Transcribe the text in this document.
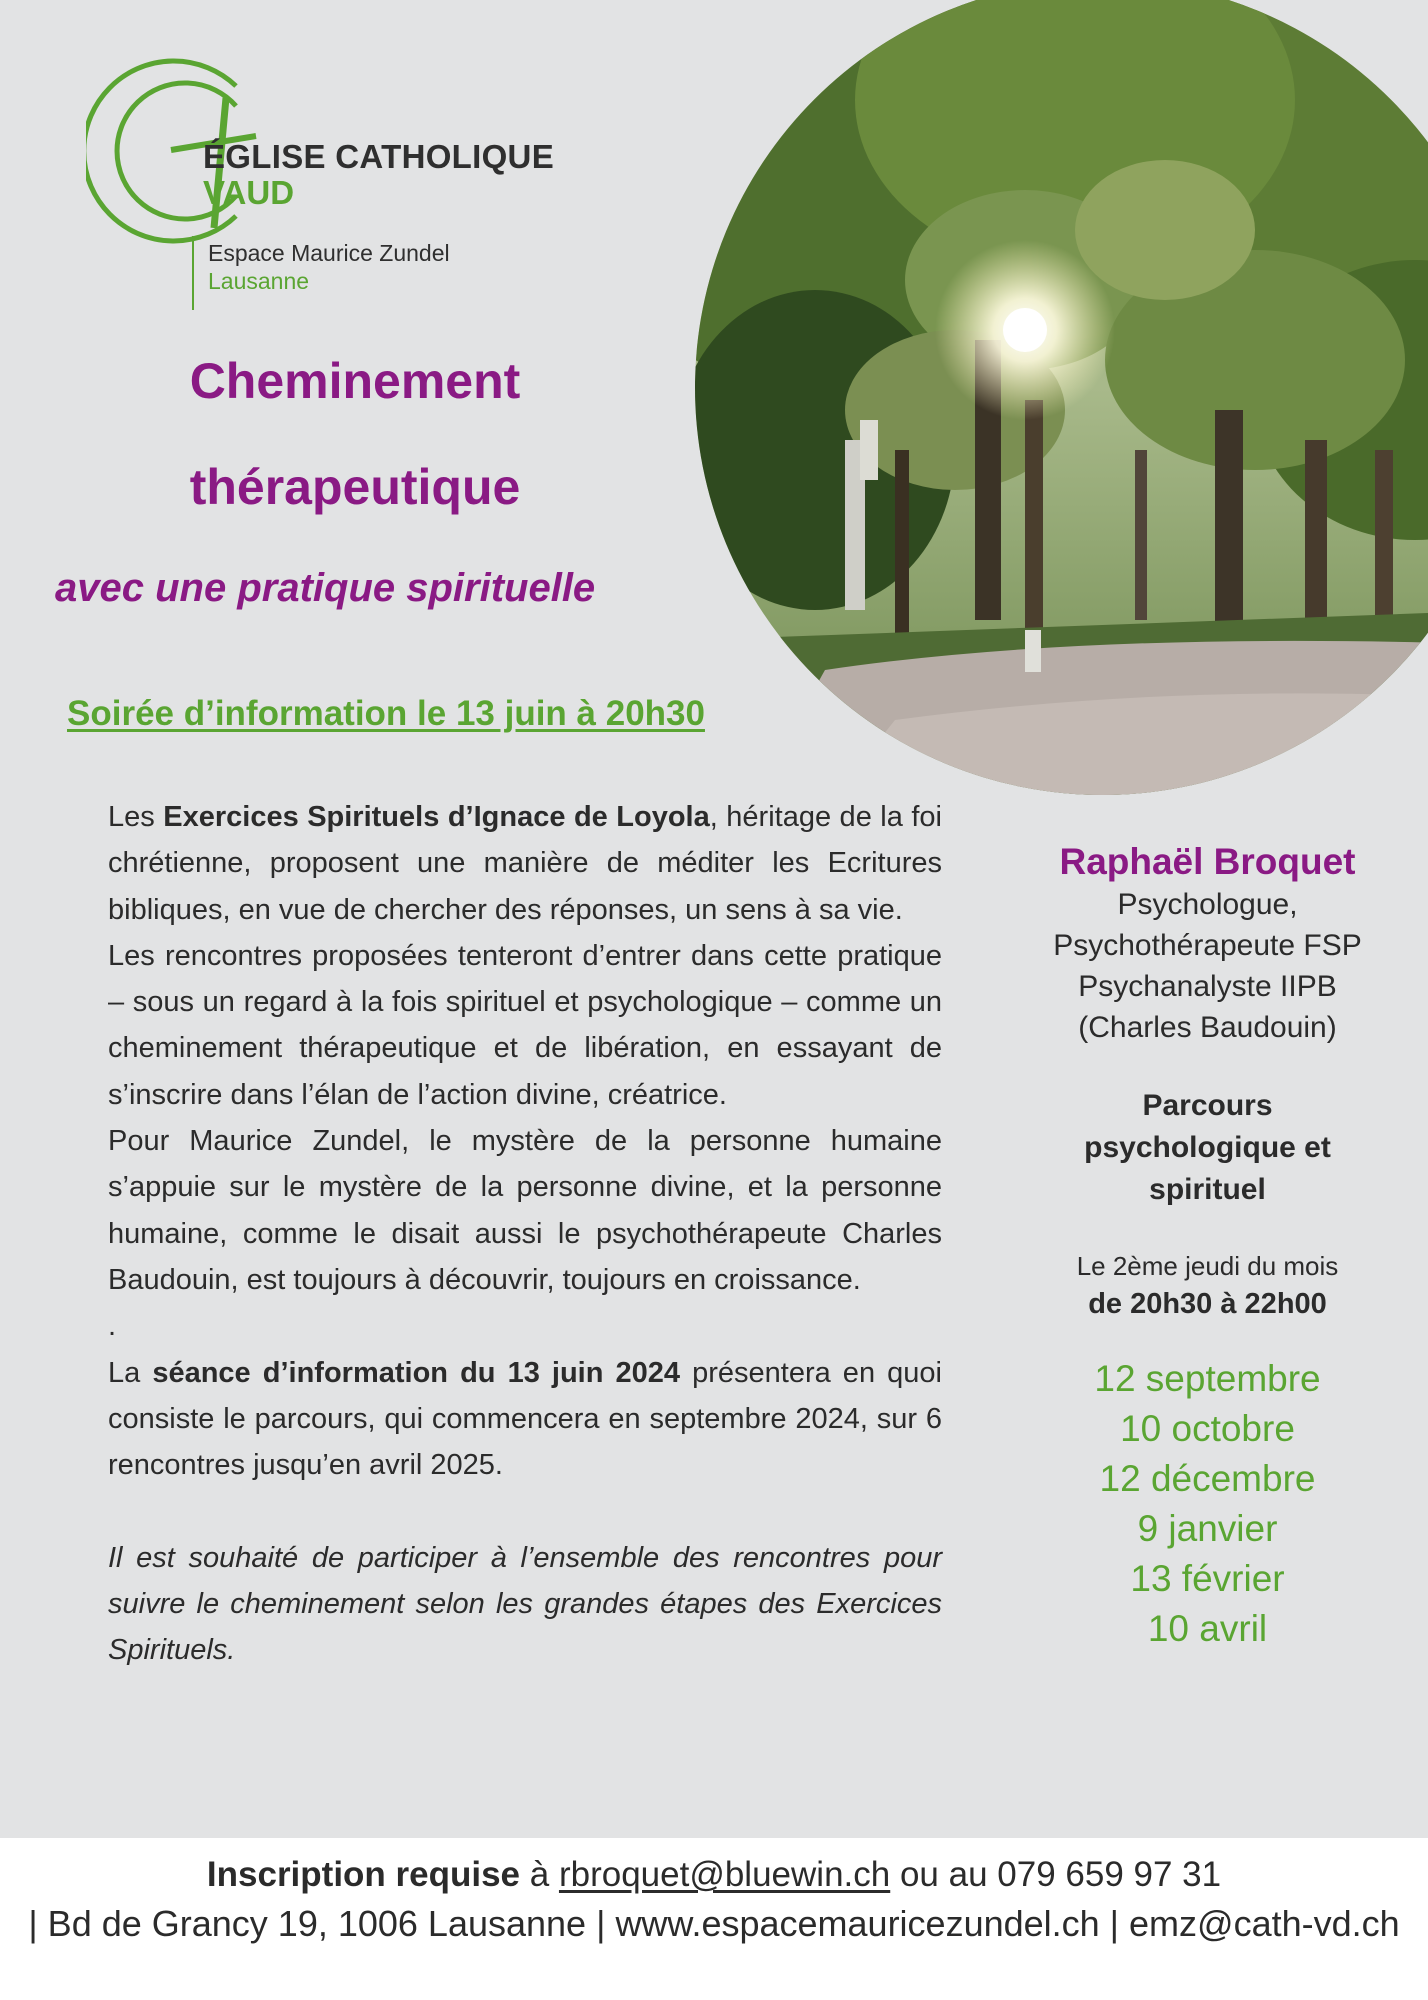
ÉGLISE CATHOLIQUE
VAUD
Espace Maurice Zundel
Lausanne
Cheminement
thérapeutique
avec une pratique spirituelle
Soirée d’information le 13 juin à 20h30

Les Exercices Spirituels d’Ignace de Loyola, héritage de la foi chrétienne, proposent une manière de méditer les Ecritures bibliques, en vue de chercher des réponses, un sens à sa vie.

Les rencontres proposées tenteront d’entrer dans cette pratique – sous un regard à la fois spirituel et psychologique – comme un cheminement thérapeutique et de libération, en essayant de s’inscrire dans l’élan de l’action divine, créatrice.

Pour Maurice Zundel, le mystère de la personne humaine s’appuie sur le mystère de la personne divine, et la personne humaine, comme le disait aussi le psychothérapeute Charles Baudouin, est toujours à découvrir, toujours en croissance.

.

La séance d’information du 13 juin 2024 présentera en quoi consiste le parcours, qui commencera en septembre 2024, sur 6 rencontres jusqu’en avril 2025.

Il est souhaité de participer à l’ensemble des rencontres pour suivre le cheminement selon les grandes étapes des Exercices Spirituels.

Raphaël Broquet
Psychologue,
Psychothérapeute FSP
Psychanalyste IIPB
(Charles Baudouin)
Parcours
psychologique et
spirituel
Le 2ème jeudi du mois
de 20h30 à 22h00
12 septembre
10 octobre
12 décembre
9 janvier
13 février
10 avril
Inscription requise à rbroquet@bluewin.ch ou au 079 659 97 31
| Bd de Grancy 19, 1006 Lausanne | www.espacemauricezundel.ch | emz@cath-vd.ch
